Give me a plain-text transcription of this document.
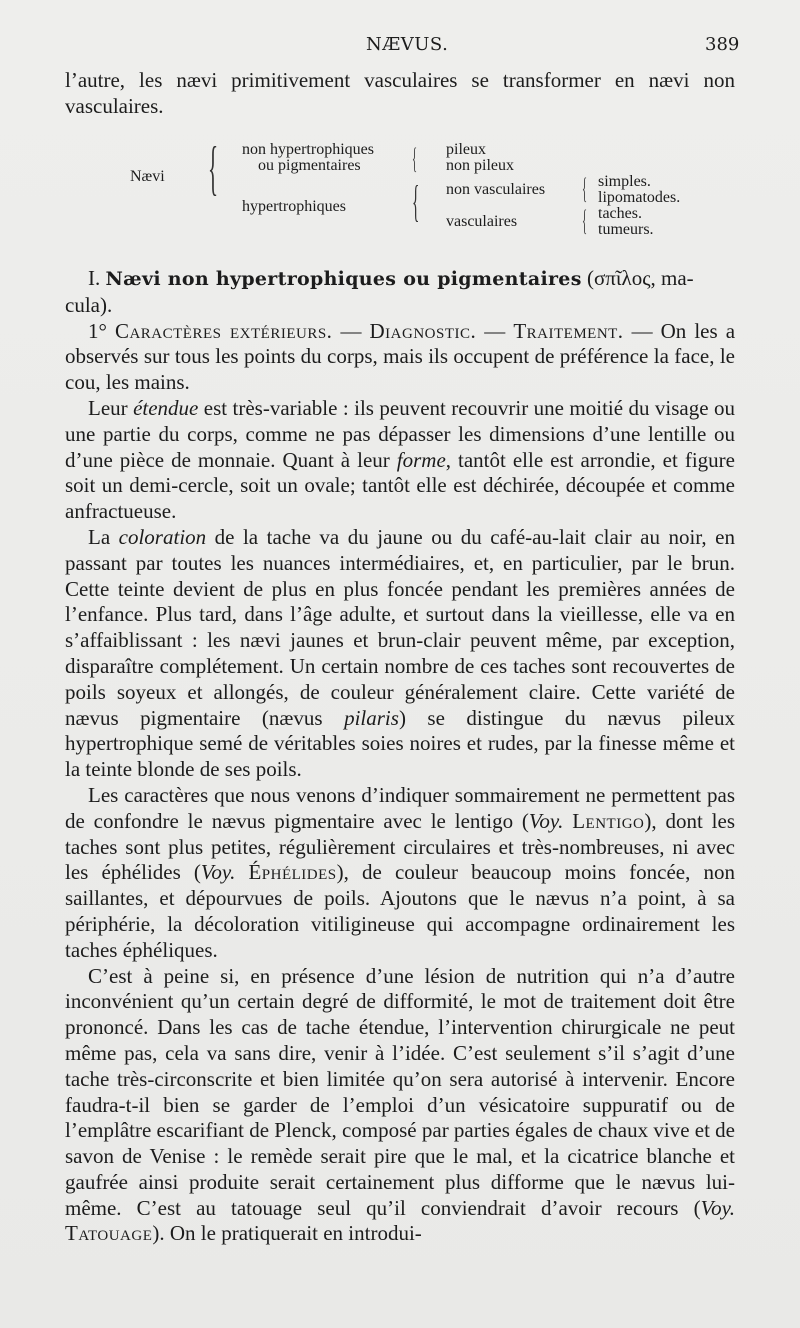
NÆVUS.	389

l’autre, les nævi primitivement vasculaires se transformer en nævi non

vasculaires.

Nævi { non hypertrophiques
ou pigmentaires
hypertrophiques
{ pileux
non pileux
{ non vasculaires
vasculaires
{ simples.
lipomatodes.
{ taches.
tumeurs.

I. Nævi non hypertrophiques ou pigmentaires (σπῖλος, ma-
cula).

1° Caractères extérieurs. — Diagnostic. — Traitement. — On les a observés sur tous les points du corps, mais ils occupent de préférence la face, le cou, les mains.

Leur étendue est très-variable : ils peuvent recouvrir une moitié du visage ou une partie du corps, comme ne pas dépasser les dimensions d’une lentille ou d’une pièce de monnaie. Quant à leur forme, tantôt elle est arrondie, et figure soit un demi-cercle, soit un ovale; tantôt elle est déchirée, découpée et comme anfractueuse.

La coloration de la tache va du jaune ou du café-au-lait clair au noir, en passant par toutes les nuances intermédiaires, et, en particulier, par le brun. Cette teinte devient de plus en plus foncée pendant les premières années de l’enfance. Plus tard, dans l’âge adulte, et surtout dans la vieillesse, elle va en s’affaiblissant : les nævi jaunes et brun-clair peuvent même, par exception, disparaître complétement. Un certain nombre de ces taches sont recouvertes de poils soyeux et allongés, de couleur généralement claire. Cette variété de nævus pigmentaire (nævus pilaris) se distingue du nævus pileux hypertrophique semé de véritables soies noires et rudes, par la finesse même et la teinte blonde de ses poils.

Les caractères que nous venons d’indiquer sommairement ne permettent pas de confondre le nævus pigmentaire avec le lentigo (Voy. Lentigo), dont les taches sont plus petites, régulièrement circulaires et très-nombreuses, ni avec les éphélides (Voy. Éphélides), de couleur beaucoup moins foncée, non saillantes, et dépourvues de poils. Ajoutons que le nævus n’a point, à sa périphérie, la décoloration vitiligineuse qui accompagne ordinairement les taches éphéliques.

C’est à peine si, en présence d’une lésion de nutrition qui n’a d’autre inconvénient qu’un certain degré de difformité, le mot de traitement doit être prononcé. Dans les cas de tache étendue, l’intervention chirurgicale ne peut même pas, cela va sans dire, venir à l’idée. C’est seulement s’il s’agit d’une tache très-circonscrite et bien limitée qu’on sera autorisé à intervenir. Encore faudra-t-il bien se garder de l’emploi d’un vésicatoire suppuratif ou de l’emplâtre escarifiant de Plenck, composé par parties égales de chaux vive et de savon de Venise : le remède serait pire que le mal, et la cicatrice blanche et gaufrée ainsi produite serait certainement plus difforme que le nævus lui-même. C’est au tatouage seul qu’il conviendrait d’avoir recours (Voy. Tatouage). On le pratiquerait en introdui-
